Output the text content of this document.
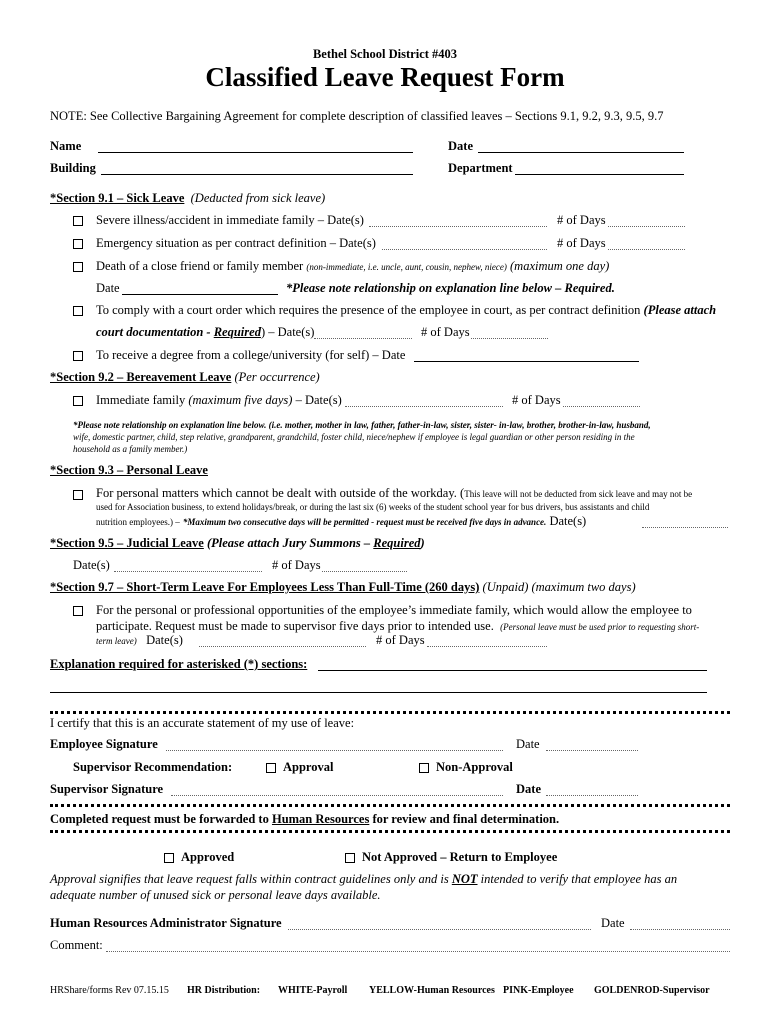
Bethel School District #403
Classified Leave Request Form
NOTE: See Collective Bargaining Agreement for complete description of classified leaves – Sections 9.1, 9.2, 9.3, 9.5, 9.7
Name	Date
Building	Department
*Section 9.1 – Sick Leave (Deducted from sick leave)
Severe illness/accident in immediate family – Date(s)	# of Days
Emergency situation as per contract definition – Date(s)	# of Days
Death of a close friend or family member (non-immediate, i.e. uncle, aunt, cousin, nephew, niece) (maximum one day)
Date	*Please note relationship on explanation line below – Required.
To comply with a court order which requires the presence of the employee in court, as per contract definition (Please attach
court documentation - Required) – Date(s)	# of Days
To receive a degree from a college/university (for self) – Date
*Section 9.2 – Bereavement Leave (Per occurrence)
Immediate family (maximum five days) – Date(s)	# of Days
*Please note relationship on explanation line below. (i.e. mother, mother in law, father, father-in-law, sister, sister- in-law, brother, brother-in-law, husband,
wife, domestic partner, child, step relative, grandparent, grandchild, foster child, niece/nephew if employee is legal guardian or other person residing in the
household as a family member.)
*Section 9.3 – Personal Leave
For personal matters which cannot be dealt with outside of the workday. (This leave will not be deducted from sick leave and may not be
used for Association business, to extend holidays/break, or during the last six (6) weeks of the student school year for bus drivers, bus assistants and child
nutrition employees.) – *Maximum two consecutive days will be permitted - request must be received five days in advance. Date(s)
*Section 9.5 – Judicial Leave (Please attach Jury Summons – Required)
Date(s)	# of Days
*Section 9.7 – Short-Term Leave For Employees Less Than Full-Time (260 days) (Unpaid) (maximum two days)
For the personal or professional opportunities of the employee’s immediate family, which would allow the employee to
participate. Request must be made to supervisor five days prior to intended use. (Personal leave must be used prior to requesting short-
term leave) Date(s)	# of Days
Explanation required for asterisked (*) sections:
I certify that this is an accurate statement of my use of leave:
Employee Signature	Date
Supervisor Recommendation:	Approval	Non-Approval
Supervisor Signature	Date
Completed request must be forwarded to Human Resources for review and final determination.
Approved	Not Approved – Return to Employee
Approval signifies that leave request falls within contract guidelines only and is NOT intended to verify that employee has an
adequate number of unused sick or personal leave days available.
Human Resources Administrator Signature	Date
Comment:
HRShare/forms Rev 07.15.15 HR Distribution: WHITE-Payroll YELLOW-Human Resources PINK-Employee GOLDENROD-Supervisor
